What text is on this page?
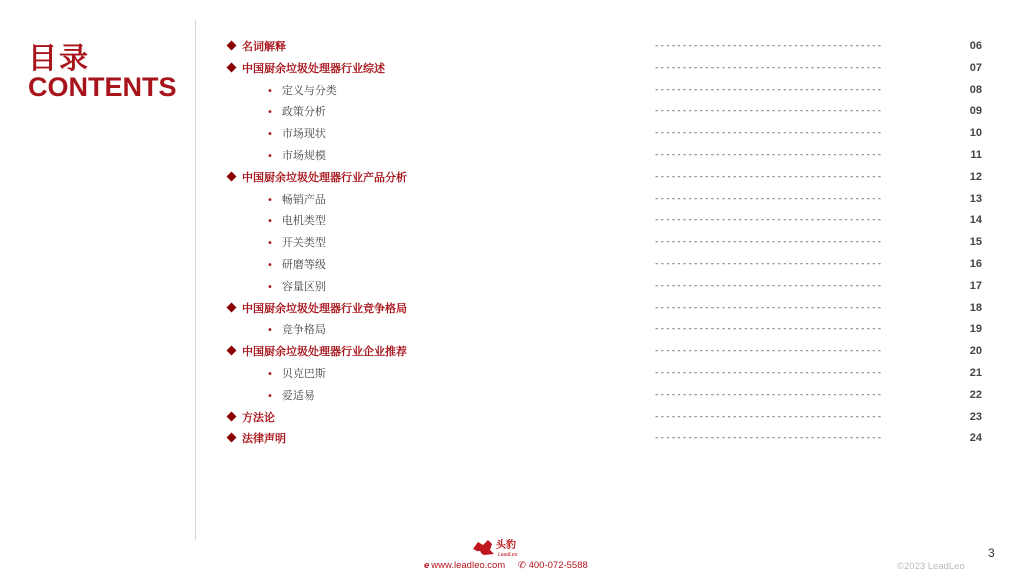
目录
CONTENTS
名词解释	-----------------------------------------	06
中国厨余垃圾处理器行业综述	-----------------------------------------	07
• 定义与分类	-----------------------------------------	08
• 政策分析	-----------------------------------------	09
• 市场现状	-----------------------------------------	10
• 市场规模	-----------------------------------------	11
中国厨余垃圾处理器行业产品分析	-----------------------------------------	12
• 畅销产品	-----------------------------------------	13
• 电机类型	-----------------------------------------	14
• 开关类型	-----------------------------------------	15
• 研磨等级	-----------------------------------------	16
• 容量区别	-----------------------------------------	17
中国厨余垃圾处理器行业竞争格局	-----------------------------------------	18
• 竞争格局	-----------------------------------------	19
中国厨余垃圾处理器行业企业推荐	-----------------------------------------	20
• 贝克巴斯	-----------------------------------------	21
• 爱适易	-----------------------------------------	22
方法论	-----------------------------------------	23
法律声明	-----------------------------------------	24
头豹
LeadLeo
e www.leadleo.com ✆ 400-072-5588
3
©2023 LeadLeo
